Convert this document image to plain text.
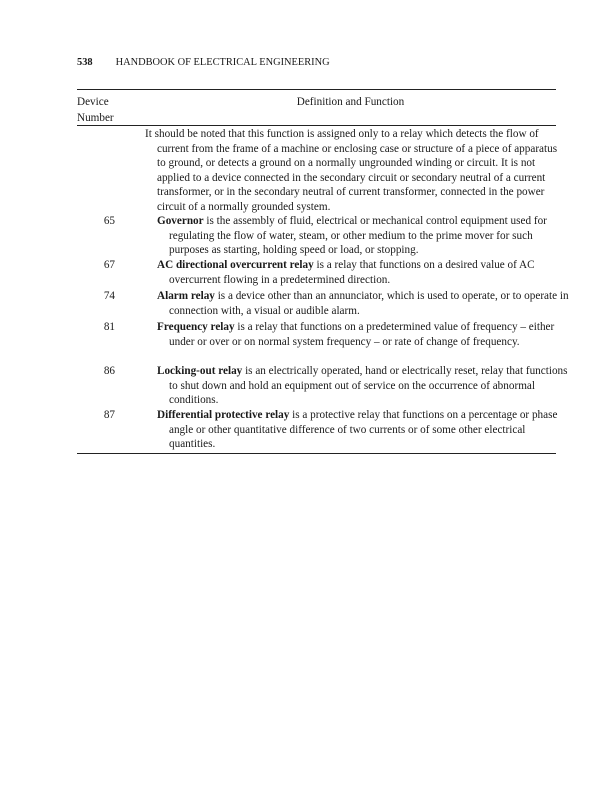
538 HANDBOOK OF ELECTRICAL ENGINEERING
Device Number
Definition and Function
It should be noted that this function is assigned only to a relay which detects the flow of current from the frame of a machine or enclosing case or structure of a piece of apparatus to ground, or detects a ground on a normally ungrounded winding or circuit. It is not applied to a device connected in the secondary circuit or secondary neutral of a current transformer, or in the secondary neutral of current transformer, connected in the power circuit of a normally grounded system.
65	Governor is the assembly of fluid, electrical or mechanical control equipment used for regulating the flow of water, steam, or other medium to the prime mover for such purposes as starting, holding speed or load, or stopping.
67	AC directional overcurrent relay is a relay that functions on a desired value of AC overcurrent flowing in a predetermined direction.
74	Alarm relay is a device other than an annunciator, which is used to operate, or to operate in connection with, a visual or audible alarm.
81	Frequency relay is a relay that functions on a predetermined value of frequency – either under or over or on normal system frequency – or rate of change of frequency.
86	Locking-out relay is an electrically operated, hand or electrically reset, relay that functions to shut down and hold an equipment out of service on the occurrence of abnormal conditions.
87	Differential protective relay is a protective relay that functions on a percentage or phase angle or other quantitative difference of two currents or of some other electrical quantities.
